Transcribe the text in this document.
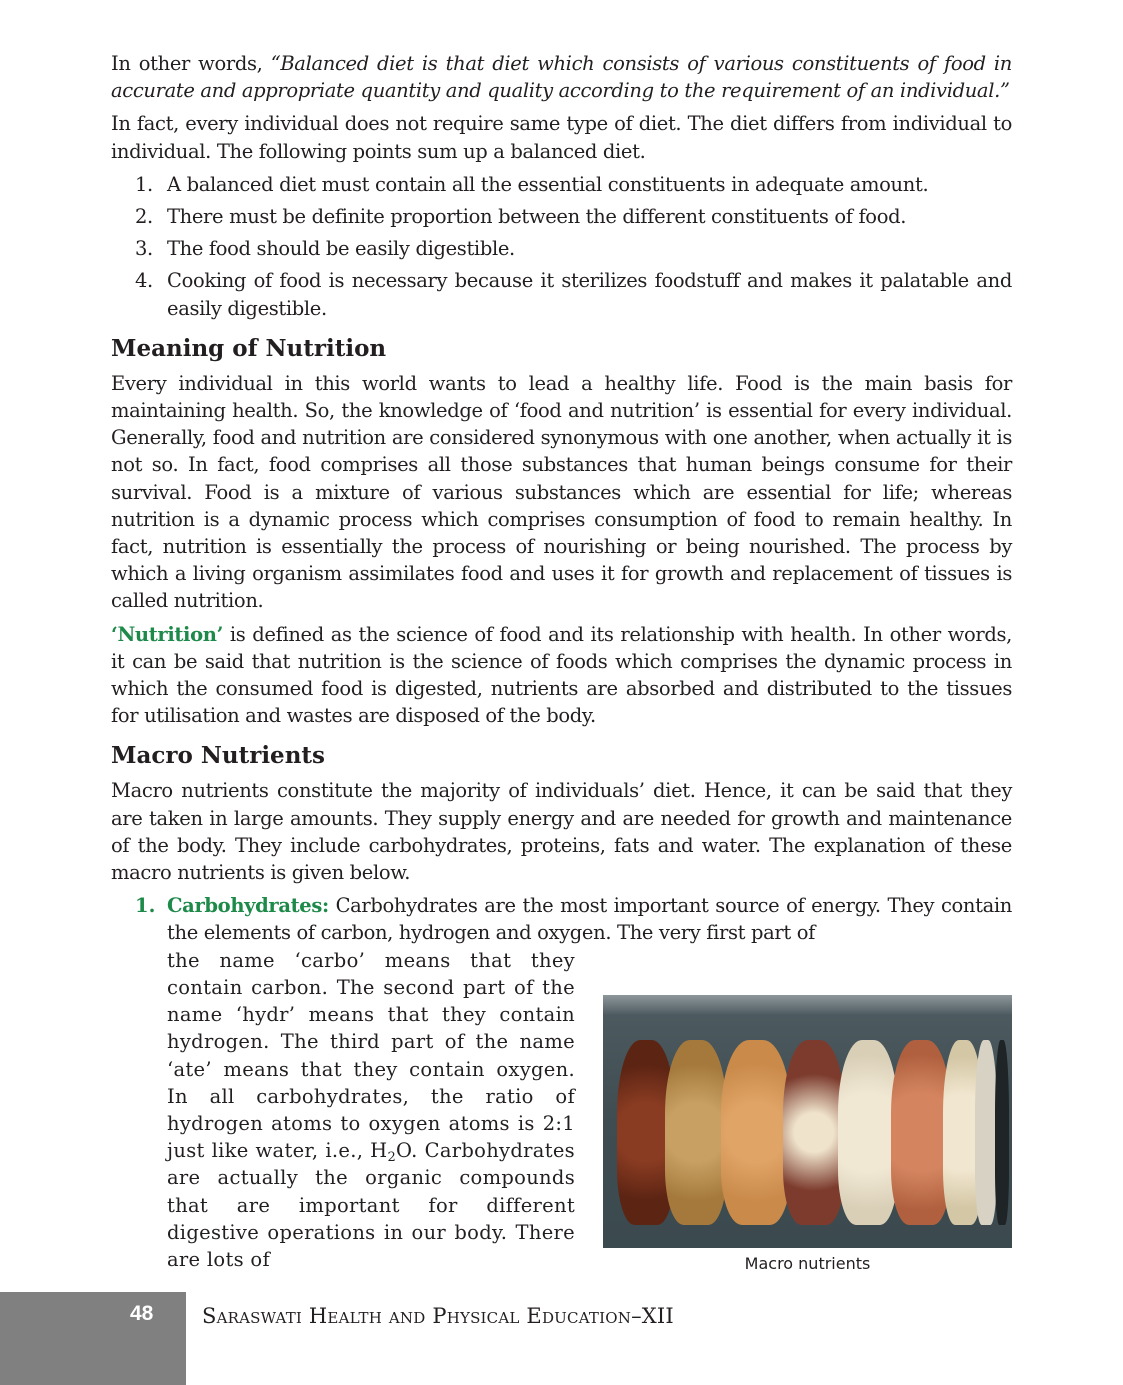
In other words, “Balanced diet is that diet which consists of various constituents of food in accurate and appropriate quantity and quality according to the requirement of an individual.”

In fact, every individual does not require same type of diet. The diet differs from individual to individual. The following points sum up a balanced diet.

1. A balanced diet must contain all the essential constituents in adequate amount.
2. There must be definite proportion between the different constituents of food.
3. The food should be easily digestible.
4. Cooking of food is necessary because it sterilizes foodstuff and makes it palatable and easily digestible.
Meaning of Nutrition

Every individual in this world wants to lead a healthy life. Food is the main basis for maintaining health. So, the knowledge of ‘food and nutrition’ is essential for every individual. Generally, food and nutrition are considered synonymous with one another, when actually it is not so. In fact, food comprises all those substances that human beings consume for their survival. Food is a mixture of various substances which are essential for life; whereas nutrition is a dynamic process which comprises consumption of food to remain healthy. In fact, nutrition is essentially the process of nourishing or being nourished. The process by which a living organism assimilates food and uses it for growth and replacement of tissues is called nutrition.

‘Nutrition’ is defined as the science of food and its relationship with health. In other words, it can be said that nutrition is the science of foods which comprises the dynamic process in which the consumed food is digested, nutrients are absorbed and distributed to the tissues for utilisation and wastes are disposed of the body.

Macro Nutrients

Macro nutrients constitute the majority of individuals’ diet. Hence, it can be said that they are taken in large amounts. They supply energy and are needed for growth and maintenance of the body. They include carbohydrates, proteins, fats and water. The explanation of these macro nutrients is given below.

1. Carbohydrates: Carbohydrates are the most important source of energy. They contain the elements of carbon, hydrogen and oxygen. The very first part of

the name ‘carbo’ means that they contain carbon. The second part of the name ‘hydr’ means that they contain hydrogen. The third part of the name ‘ate’ means that they contain oxygen. In all carbohydrates, the ratio of hydrogen atoms to oxygen atoms is 2:1 just like water, i.e., $H_2O$. Carbohydrates are actually the organic compounds that are important for different digestive operations in our body. There are lots of	Macro nutrients
48 Saraswati Health and Physical Education–XII
